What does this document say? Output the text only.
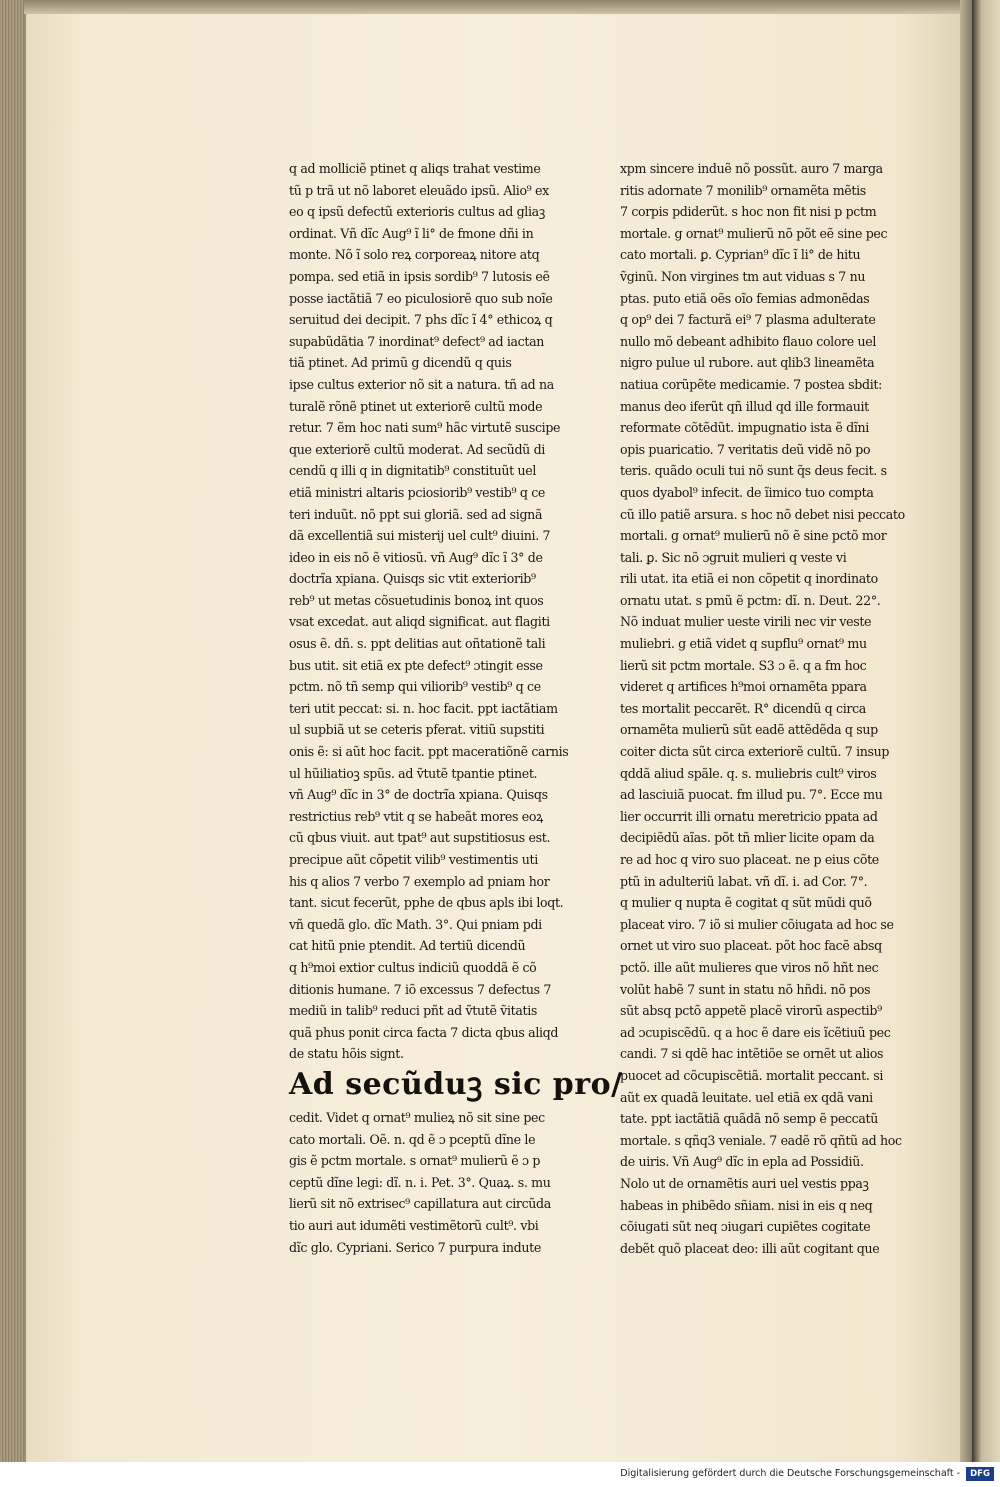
q ad molliciẽ ptinet q aliqs trahat vestime
tũ p trã ut nõ laboret eleuãdo ipsũ. Alio⁹ ex
eo q ipsũ defectũ exterioris cultus ad gliaꝫ
ordinat. Vñ dĩc Aug⁹ ĩ li° de fmone dñi in
monte. Nõ ĩ solo reꝝ corporeaꝝ nitore atq
pompa. sed etiã in ipsis sordib⁹ 7 lutosis eẽ
posse iactãtiã 7 eo piculosiorẽ quo sub noĩe
seruitud dei decipit. 7 phs dĩc ĩ 4° ethicoꝝ q
supabũdãtia 7 inordinat⁹ defect⁹ ad iactan
tiã ptinet. Ad primũ g dicendũ q quis
ipse cultus exterior nõ sit a natura. tñ ad na
turalẽ rõnẽ ptinet ut exteriorẽ cultũ mode
retur. 7 ẽm hoc nati sum⁹ hãc virtutẽ suscipe
que exteriorẽ cultũ moderat. Ad secũdũ di
cendũ q illi q in dignitatib⁹ constituũt uel
etiã ministri altaris pciosiorib⁹ vestib⁹ q ce
teri induũt. nõ ppt sui gloriã. sed ad signã
dã excellentiã sui misterij uel cult⁹ diuini. 7
ideo in eis nõ ẽ vitiosũ. vñ Aug⁹ dĩc ĩ 3° de
doctrĩa xpiana. Quisqs sic vtit exteriorib⁹
reb⁹ ut metas cõsuetudinis bonoꝝ int quos
vsat excedat. aut aliqd significat. aut flagiti
osus ẽ. dñ. s. ppt delitias aut oñtationẽ tali
bus utit. sit etiã ex pte defect⁹ ɔtingit esse
pctm. nõ tñ semp qui viliorib⁹ vestib⁹ q ce
teri utit peccat: si. n. hoc facit. ppt iactãtiam
ul supbiã ut se ceteris pferat. vitiũ supstiti
onis ẽ: si aũt hoc facit. ppt maceratiõnẽ carnis
ul hũiliatioꝫ spũs. ad ṽtutẽ tpantie ptinet.
vñ Aug⁹ dĩc in 3° de doctrĩa xpiana. Quisqs
restrictius reb⁹ vtit q se habeãt mores eoꝝ
cũ qbus viuit. aut tpat⁹ aut supstitiosus est.
precipue aũt cõpetit vilib⁹ vestimentis uti
his q alios 7 verbo 7 exemplo ad pniam hor
tant. sicut fecerũt, pphe de qbus apls ibi loqt.
vñ quedã glo. dĩc Math. 3°. Qui pniam pdi
cat hitũ pnie ptendit. Ad tertiũ dicendũ
q h⁹moi extior cultus indiciũ quoddã ẽ cõ
ditionis humane. 7 iõ excessus 7 defectus 7
mediũ in talib⁹ reduci pñt ad ṽtutẽ ṽitatis
quã phus ponit circa facta 7 dicta qbus aliqd
de statu hõis signt.
Ad secũduꝫ sic pro/
cedit. Videt q ornat⁹ mulieꝝ nõ sit sine pec
cato mortali. Oẽ. n. qd ẽ ɔ pceptũ dĩne le
gis ẽ pctm mortale. s ornat⁹ mulierũ ẽ ɔ p
ceptũ dĩne legi: dĩ. n. i. Pet. 3°. Quaꝝ. s. mu
lierũ sit nõ extrisec⁹ capillatura aut circũda
tio auri aut idumẽti vestimẽtorũ cult⁹. vbi
dĩc glo. Cypriani. Serico 7 purpura indute
xpm sincere induẽ nõ possũt. auro 7 marga
ritis adornate 7 monilib⁹ ornamẽta mẽtis
7 corpis pdiderũt. s hoc non fit nisi p pctm
mortale. g ornat⁹ mulierũ nõ põt eẽ sine pec
cato mortali. ꝑ. Cyprian⁹ dĩc ĩ li° de hitu
ṽginũ. Non virgines tm aut viduas s 7 nu
ptas. puto etiã oẽs oĩo femias admonẽdas
q op⁹ dei 7 facturã ei⁹ 7 plasma adulterate
nullo mõ debeant adhibito flauo colore uel
nigro pulue ul rubore. aut qlib3 lineamẽta
natiua corũpẽte medicamie. 7 postea sbdit:
manus deo iferũt qñ illud qd ille formauit
reformate cõtẽdũt. impugnatio ista ẽ dĩni
opis puaricatio. 7 veritatis deũ vidẽ nõ po
teris. quãdo oculi tui nõ sunt q̃s deus fecit. s
quos dyabol⁹ infecit. de ĩimico tuo compta
cũ illo patiẽ arsura. s hoc nõ debet nisi peccato
mortali. g ornat⁹ mulierũ nõ ẽ sine pctõ mor
tali. ꝑ. Sic nõ ɔgruit mulieri q veste vi
rili utat. ita etiã ei non cõpetit q inordinato
ornatu utat. s pmũ ẽ pctm: dĩ. n. Deut. 22°.
Nõ induat mulier ueste virili nec vir veste
muliebri. g etiã videt q supflu⁹ ornat⁹ mu
lierũ sit pctm mortale. S3 ɔ ẽ. q a fm hoc
videret q artifices h⁹moi ornamẽta ppara
tes mortalit peccarẽt. R° dicendũ q circa
ornamẽta mulierũ sũt eadẽ attẽdẽda q sup
coiter dicta sũt circa exteriorẽ cultũ. 7 insup
qddã aliud spãle. q. s. muliebris cult⁹ viros
ad lasciuiã puocat. fm illud pu. 7°. Ecce mu
lier occurrit illi ornatu meretricio ppata ad
decipiẽdũ aĩas. põt tñ mlier licite opam da
re ad hoc q viro suo placeat. ne p eius cõte
ptũ in adulteriũ labat. vñ dĩ. i. ad Cor. 7°.
q mulier q nupta ẽ cogitat q sũt mũdi quõ
placeat viro. 7 iõ si mulier cõiugata ad hoc se
ornet ut viro suo placeat. põt hoc facẽ absq
pctõ. ille aũt mulieres que viros nõ hñt nec
volũt habẽ 7 sunt in statu nõ hñdi. nõ pos
sũt absq pctõ appetẽ placẽ virorũ aspectib⁹
ad ɔcupiscẽdũ. q a hoc ẽ dare eis ĩcẽtiuũ pec
candi. 7 si qdẽ hac intẽtiõe se ornẽt ut alios
puocet ad cõcupiscẽtiã. mortalit peccant. si
aũt ex quadã leuitate. uel etiã ex qdã vani
tate. ppt iactãtiã quãdã nõ semp ẽ peccatũ
mortale. s qñq3 veniale. 7 eadẽ rõ qñtũ ad hoc
de uiris. Vñ Aug⁹ dĩc in epla ad Possidiũ.
Nolo ut de ornamẽtis auri uel vestis ppaꝫ
habeas in phibẽdo sñiam. nisi in eis q neq
cõiugati sũt neq ɔiugari cupiẽtes cogitate
debẽt quõ placeat deo: illi aũt cogitant que
Digitalisierung gefördert durch die Deutsche Forschungsgemeinschaft -	DFG
